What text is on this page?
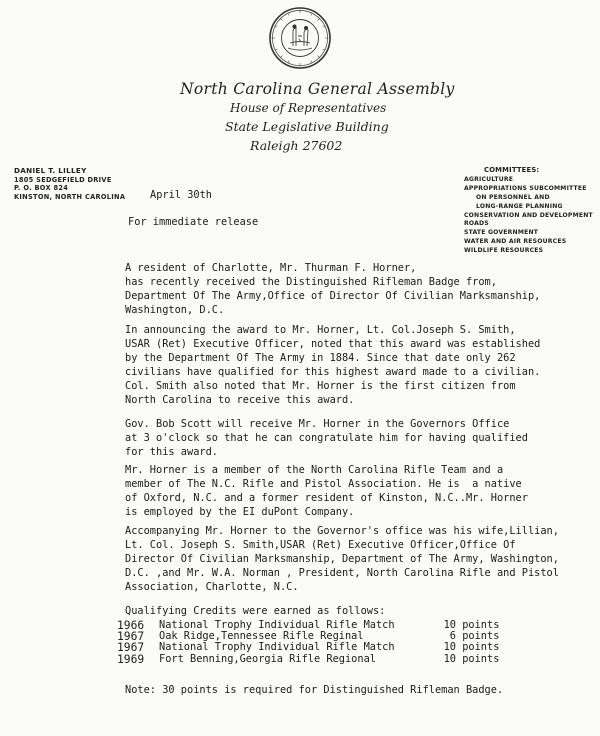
North Carolina General Assembly
House of Representatives
State Legislative Building
Raleigh 27602
DANIEL T. LILLEY
1805 SEDGEFIELD DRIVE
P. O. BOX 824
KINSTON, NORTH CAROLINA
COMMITTEES:
AGRICULTURE
APPROPRIATIONS SUBCOMMITTEE
ON PERSONNEL AND
LONG-RANGE PLANNING
CONSERVATION AND DEVELOPMENT
ROADS
STATE GOVERNMENT
WATER AND AIR RESOURCES
WILDLIFE RESOURCES
April 30th
For immediate release
A resident of Charlotte, Mr. Thurman F. Horner,
has recently received the Distinguished Rifleman Badge from,
Department Of The Army,Office of Director Of Civilian Marksmanship,
Washington, D.C.
In announcing the award to Mr. Horner, Lt. Col.Joseph S. Smith,
USAR (Ret) Executive Officer, noted that this award was established
by the Department Of The Army in 1884. Since that date only 262
civilians have qualified for this highest award made to a civilian.
Col. Smith also noted that Mr. Horner is the first citizen from
North Carolina to receive this award.
Gov. Bob Scott will receive Mr. Horner in the Governors Office
at 3 o'clock so that he can congratulate him for having qualified
for this award.
Mr. Horner is a member of the North Carolina Rifle Team and a
member of The N.C. Rifle and Pistol Association. He is  a native
of Oxford, N.C. and a former resident of Kinston, N.C..Mr. Horner
is employed by the EI duPont Company.
Accompanying Mr. Horner to the Governor's office was his wife,Lillian,
Lt. Col. Joseph S. Smith,USAR (Ret) Executive Officer,Office Of
Director Of Civilian Marksmanship, Department of The Army, Washington,
D.C. ,and Mr. W.A. Norman , President, North Carolina Rifle and Pistol
Association, Charlotte, N.C.
Qualifying Credits were earned as follows:
1966 National Trophy Individual Rifle Match	10 points
1967 Oak Ridge,Tennessee Rifle Reginal	6 points
1967 National Trophy Individual Rifle Match	10 points
1969 Fort Benning,Georgia Rifle Regional	10 points
Note: 30 points is required for Distinguished Rifleman Badge.
